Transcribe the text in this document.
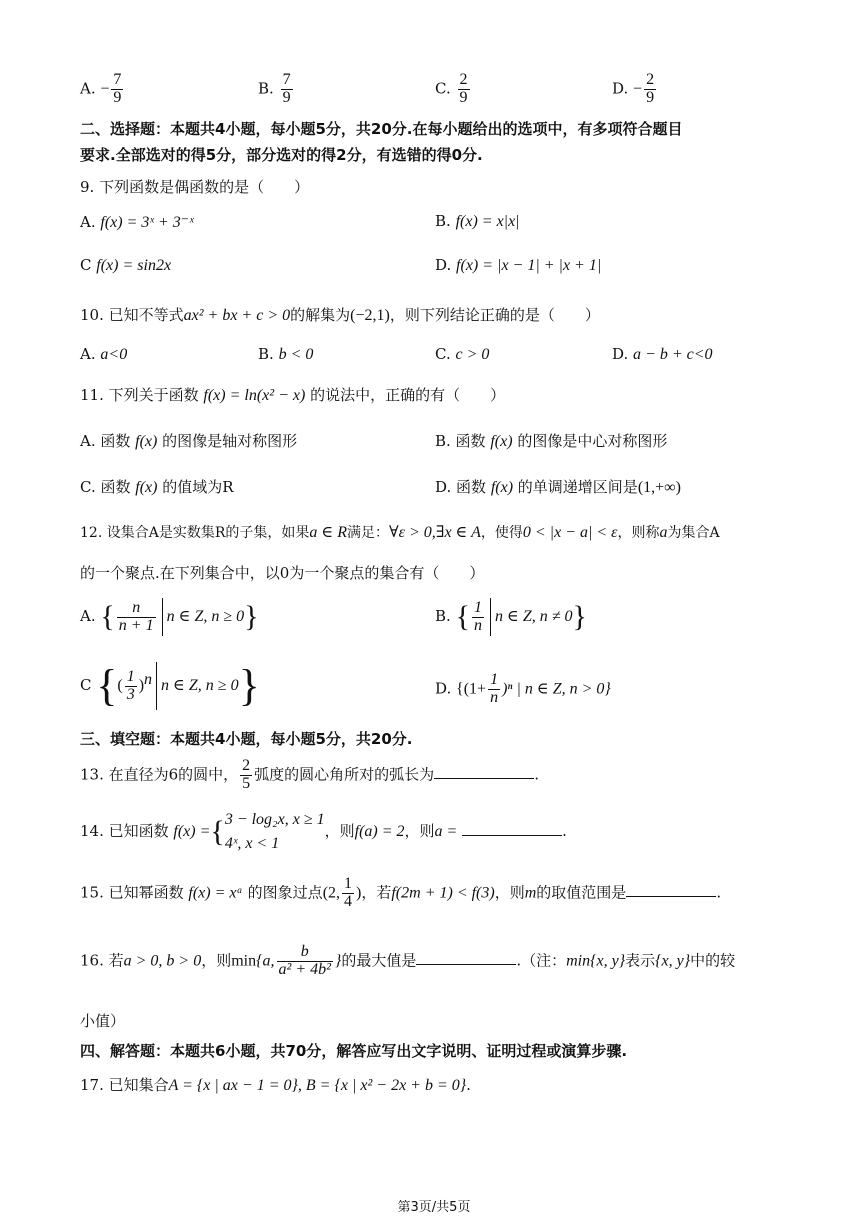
A. − $\frac{7}{9}$	B. $\frac{7}{9}$	C. $\frac{2}{9}$	D. − $\frac{2}{9}$
二、选择题：本题共4小题，每小题5分，共20分.在每小题给出的选项中，有多项符合题目
要求.全部选对的得5分，部分选对的得2分，有选错的得0分.
9. 下列函数是偶函数的是（　　）
A. f(x) = 3ˣ + 3⁻ˣ	B. f(x) = x|x|
C f(x) = sin2x	D. f(x) = |x − 1| + |x + 1|
10. 已知不等式ax² + bx + c > 0的解集为(−2,1)，则下列结论正确的是（　　）
A. a<0	B. b < 0	C. c > 0	D. a − b + c<0
11. 下列关于函数 f(x) = ln(x² − x) 的说法中，正确的有（　　）
A. 函数 f(x) 的图像是轴对称图形	B. 函数 f(x) 的图像是中心对称图形
C. 函数 f(x) 的值域为R	D. 函数 f(x) 的单调递增区间是(1,+∞)
12. 设集合A是实数集R的子集，如果a ∈ R满足：∀ε > 0,∃x ∈ A，使得0 < |x − a| < ε，则称a为集合A
的一个聚点.在下列集合中，以0为一个聚点的集合有（　　）
A. { $\frac{n}{n + 1}$ n ∈ Z, n ≥ 0}	B. { $\frac{1}{n}$ n ∈ Z, n ≠ 0}
C {( $\frac{1}{3} )^n$ n ∈ Z, n ≥ 0}	D. {$(1+ \frac{1}{n} )^n$ | n ∈ Z, n > 0}
三、填空题：本题共4小题，每小题5分，共20分.
13. 在直径为6的圆中， $\frac{2}{5}$ 弧度的圆心角所对的弧长为	.
14. 已知函数 f(x) ={ 3 − log₂x, x ≥ 1
4ˣ, x < 1
，则f(a) = 2，则a =	.
15. 已知幂函数 f(x) = xᵃ 的图象过点(2, $\frac{1}{4}$ )，若f(2m + 1) < f(3)，则m的取值范围是	.
16. 若a > 0, b > 0，则min{a, $\frac{b}{\text{a² + 4b²}}$ }的最大值是	.（注：min{x, y}表示{x, y}中的较
小值）
四、解答题：本题共6小题，共70分，解答应写出文字说明、证明过程或演算步骤.
17. 已知集合A = {x | ax − 1 = 0}, B = {x | x² − 2x + b = 0}.
第3页/共5页
